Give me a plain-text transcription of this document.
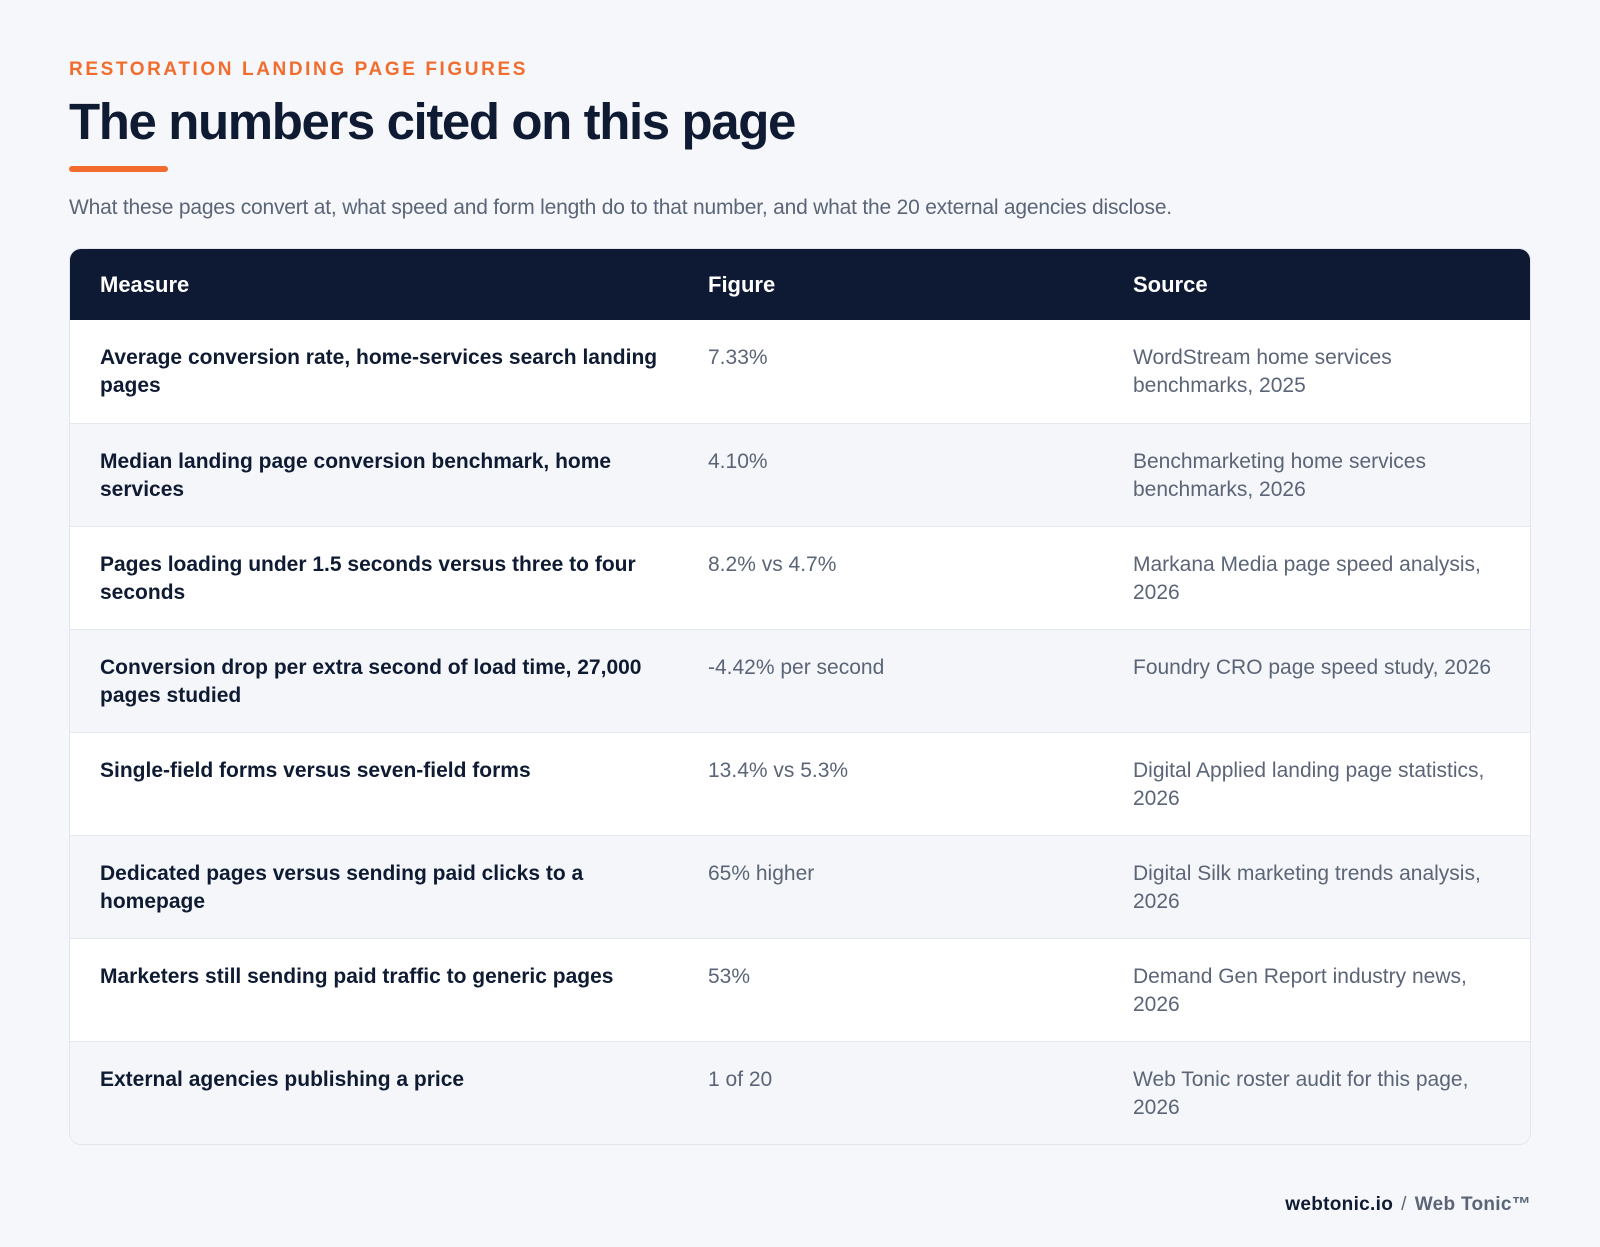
RESTORATION LANDING PAGE FIGURES
The numbers cited on this page
What these pages convert at, what speed and form length do to that number, and what the 20 external agencies disclose.
Measure	Figure	Source
Average conversion rate, home-services search landing pages	7.33%	WordStream home services benchmarks, 2025
Median landing page conversion benchmark, home services	4.10%	Benchmarketing home services benchmarks, 2026
Pages loading under 1.5 seconds versus three to four seconds	8.2% vs 4.7%	Markana Media page speed analysis, 2026
Conversion drop per extra second of load time, 27,000 pages studied	-4.42% per second	Foundry CRO page speed study, 2026
Single-field forms versus seven-field forms	13.4% vs 5.3%	Digital Applied landing page statistics, 2026
Dedicated pages versus sending paid clicks to a homepage	65% higher	Digital Silk marketing trends analysis, 2026
Marketers still sending paid traffic to generic pages	53%	Demand Gen Report industry news, 2026
External agencies publishing a price	1 of 20	Web Tonic roster audit for this page, 2026
webtonic.io / Web Tonic™
